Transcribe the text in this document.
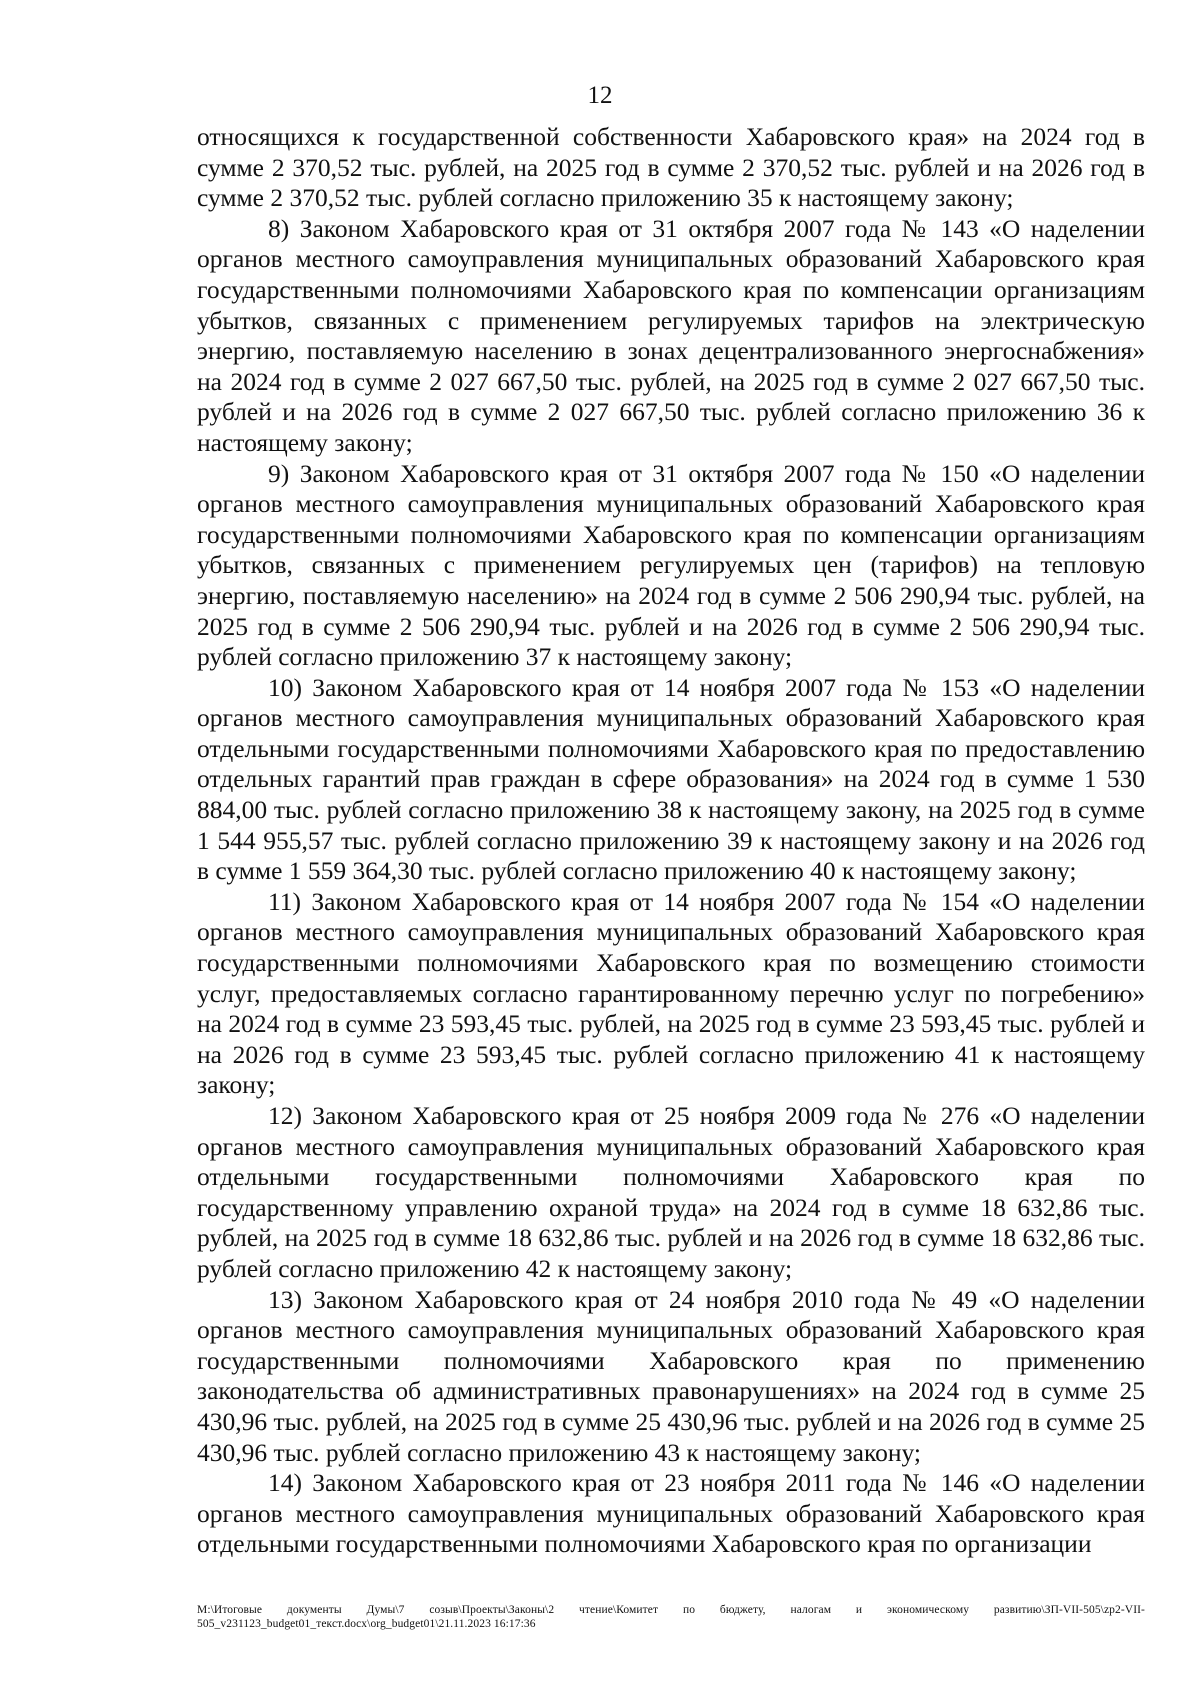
12

относящихся к государственной собственности Хабаровского края» на 2024 год в сумме 2 370,52 тыс. рублей, на 2025 год в сумме 2 370,52 тыс. рублей и на 2026 год в сумме 2 370,52 тыс. рублей согласно приложению 35 к настоящему закону;

8) Законом Хабаровского края от 31 октября 2007 года № 143 «О наделении органов местного самоуправления муниципальных образований Хабаровского края государственными полномочиями Хабаровского края по компенсации организациям убытков, связанных с применением регулируемых тарифов на электрическую энергию, поставляемую населению в зонах децентрализованного энергоснабжения» на 2024 год в сумме 2 027 667,50 тыс. рублей, на 2025 год в сумме 2 027 667,50 тыс. рублей и на 2026 год в сумме 2 027 667,50 тыс. рублей согласно приложению 36 к настоящему закону;

9) Законом Хабаровского края от 31 октября 2007 года № 150 «О наделении органов местного самоуправления муниципальных образований Хабаровского края государственными полномочиями Хабаровского края по компенсации организациям убытков, связанных с применением регулируемых цен (тарифов) на тепловую энергию, поставляемую населению» на 2024 год в сумме 2 506 290,94 тыс. рублей, на 2025 год в сумме 2 506 290,94 тыс. рублей и на 2026 год в сумме 2 506 290,94 тыс. рублей согласно приложению 37 к настоящему закону;

10) Законом Хабаровского края от 14 ноября 2007 года № 153 «О наделении органов местного самоуправления муниципальных образований Хабаровского края отдельными государственными полномочиями Хабаровского края по предоставлению отдельных гарантий прав граждан в сфере образования» на 2024 год в сумме 1 530 884,00 тыс. рублей согласно приложению 38 к настоящему закону, на 2025 год в сумме 1 544 955,57 тыс. рублей согласно приложению 39 к настоящему закону и на 2026 год в сумме 1 559 364,30 тыс. рублей согласно приложению 40 к настоящему закону;

11) Законом Хабаровского края от 14 ноября 2007 года № 154 «О наделении органов местного самоуправления муниципальных образований Хабаровского края государственными полномочиями Хабаровского края по возмещению стоимости услуг, предоставляемых согласно гарантированному перечню услуг по погребению» на 2024 год в сумме 23 593,45 тыс. рублей, на 2025 год в сумме 23 593,45 тыс. рублей и на 2026 год в сумме 23 593,45 тыс. рублей согласно приложению 41 к настоящему закону;

12) Законом Хабаровского края от 25 ноября 2009 года № 276 «О наделении органов местного самоуправления муниципальных образований Хабаровского края отдельными государственными полномочиями Хабаровского края по государственному управлению охраной труда» на 2024 год в сумме 18 632,86 тыс. рублей, на 2025 год в сумме 18 632,86 тыс. рублей и на 2026 год в сумме 18 632,86 тыс. рублей согласно приложению 42 к настоящему закону;

13) Законом Хабаровского края от 24 ноября 2010 года № 49 «О наделении органов местного самоуправления муниципальных образований Хабаровского края государственными полномочиями Хабаровского края по применению законодательства об административных правонарушениях» на 2024 год в сумме 25 430,96 тыс. рублей, на 2025 год в сумме 25 430,96 тыс. рублей и на 2026 год в сумме 25 430,96 тыс. рублей согласно приложению 43 к настоящему закону;

14) Законом Хабаровского края от 23 ноября 2011 года № 146 «О наделении органов местного самоуправления муниципальных образований Хабаровского края отдельными государственными полномочиями Хабаровского края по организации

M:\Итоговые документы Думы\7 созыв\Проекты\Законы\2 чтение\Комитет по бюджету, налогам и экономическому развитию\ЗП-VII-505\zp2-VII-505_v231123_budget01_текст.docx\org_budget01\21.11.2023 16:17:36
